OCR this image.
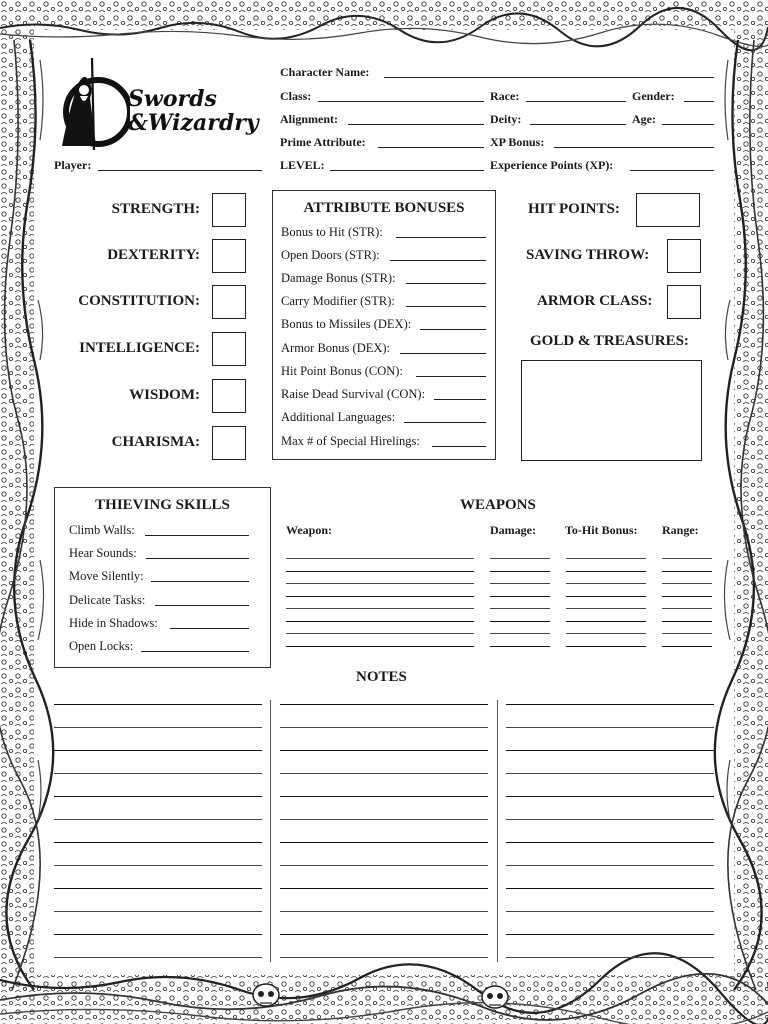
Swords
&Wizardry
Player:
Character Name:
Class:	Race:	Gender:
Alignment:	Deity:	Age:
Prime Attribute:	XP Bonus:
LEVEL:	Experience Points (XP):
STRENGTH:
DEXTERITY:
CONSTITUTION:
INTELLIGENCE:
WISDOM:
CHARISMA:
ATTRIBUTE BONUSES
Bonus to Hit (STR):
Open Doors (STR):
Damage Bonus (STR):
Carry Modifier (STR):
Bonus to Missiles (DEX):
Armor Bonus (DEX):
Hit Point Bonus (CON):
Raise Dead Survival (CON):
Additional Languages:
Max # of Special Hirelings:
HIT POINTS:
SAVING THROW:
ARMOR CLASS:
GOLD & TREASURES:
THIEVING SKILLS
Climb Walls:
Hear Sounds:
Move Silently:
Delicate Tasks:
Hide in Shadows:
Open Locks:
WEAPONS
Weapon:	Damage: To-Hit Bonus: Range:
NOTES
